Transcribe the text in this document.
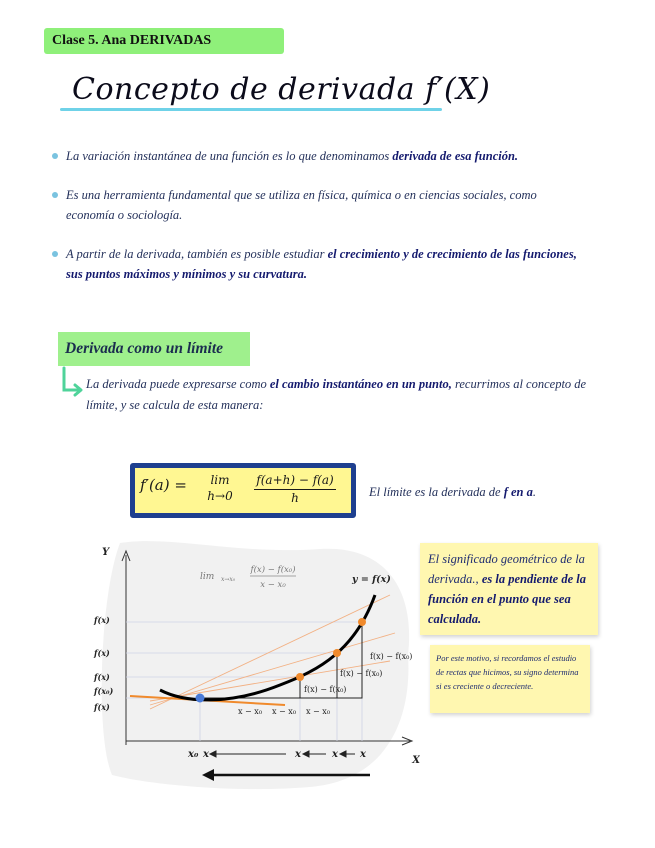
Clase 5. Ana DERIVADAS
Concepto de derivada f′(X)
La variación instantánea de una función es lo que denominamos derivada de esa función.
Es una herramienta fundamental que se utiliza en física, química o en ciencias sociales, como economía o sociología.
A partir de la derivada, también es posible estudiar el crecimiento y de crecimiento de las funciones, sus puntos máximos y mínimos y su curvatura.
Derivada como un límite
La derivada puede expresarse como el cambio instantáneo en un punto, recurrimos al concepto de límite, y se calcula de esta manera:
f′(a) =	lim
h→0
f(a+h) − f(a)
h	El límite es la derivada de f en a.
Y
X
lim x→x₀
f(x) − f(x₀)
x − x₀	y = f(x)
f(x)
f(x)
f(x)
f(x₀)
f(x)
f(x) − f(x₀)
f(x) − f(x₀)
f(x) − f(x₀)
x − x₀ x − x₀ x − x₀
x₀ x	x	x x
El significado geométrico de la derivada., es la pendiente de la función en el punto que sea calculada.
Por este motivo, si recordamos el estudio de rectas que hicimos, su signo determina si es creciente o decreciente.
